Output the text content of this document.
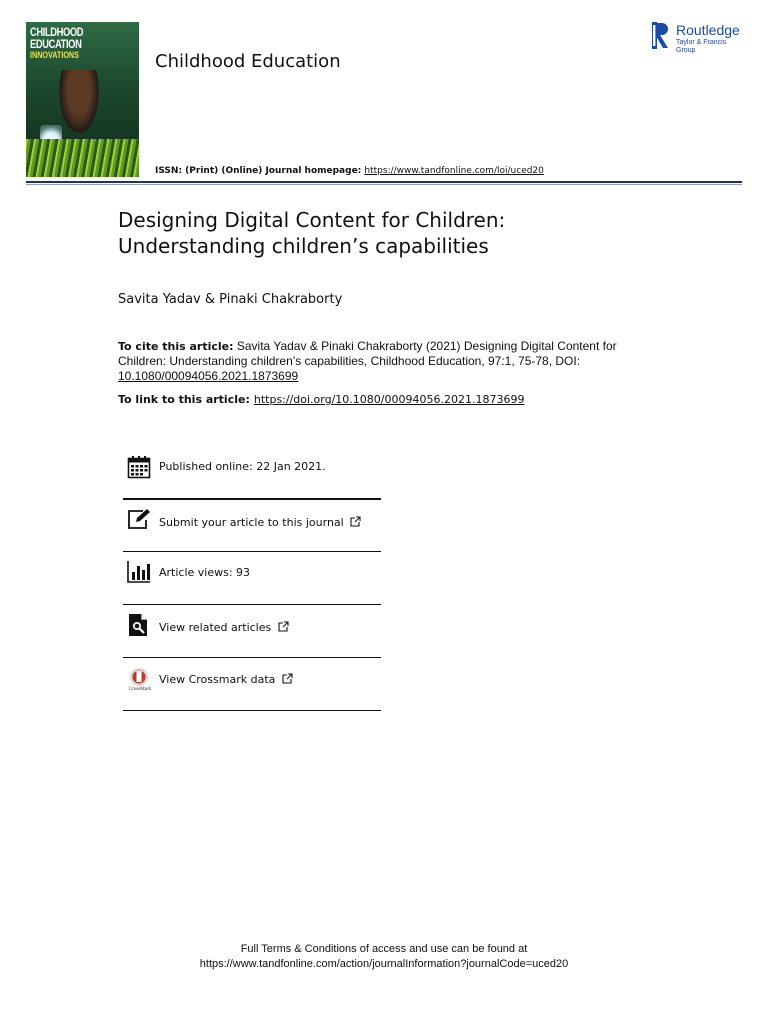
CHILDHOOD
EDUCATION
INNOVATIONS	Childhood Education
Routledge
Taylor & Francis Group
ISSN: (Print) (Online) Journal homepage: https://www.tandfonline.com/loi/uced20
Designing Digital Content for Children:
Understanding children’s capabilities
Savita Yadav & Pinaki Chakraborty
To cite this article: Savita Yadav & Pinaki Chakraborty (2021) Designing Digital Content for Children: Understanding children’s capabilities, Childhood Education, 97:1, 75-78, DOI: 10.1080/00094056.2021.1873699
To link to this article: https://doi.org/10.1080/00094056.2021.1873699
Published online: 22 Jan 2021.
Submit your article to this journal
Article views: 93
View related articles
CrossMark
View Crossmark data
Full Terms & Conditions of access and use can be found at
https://www.tandfonline.com/action/journalInformation?journalCode=uced20
